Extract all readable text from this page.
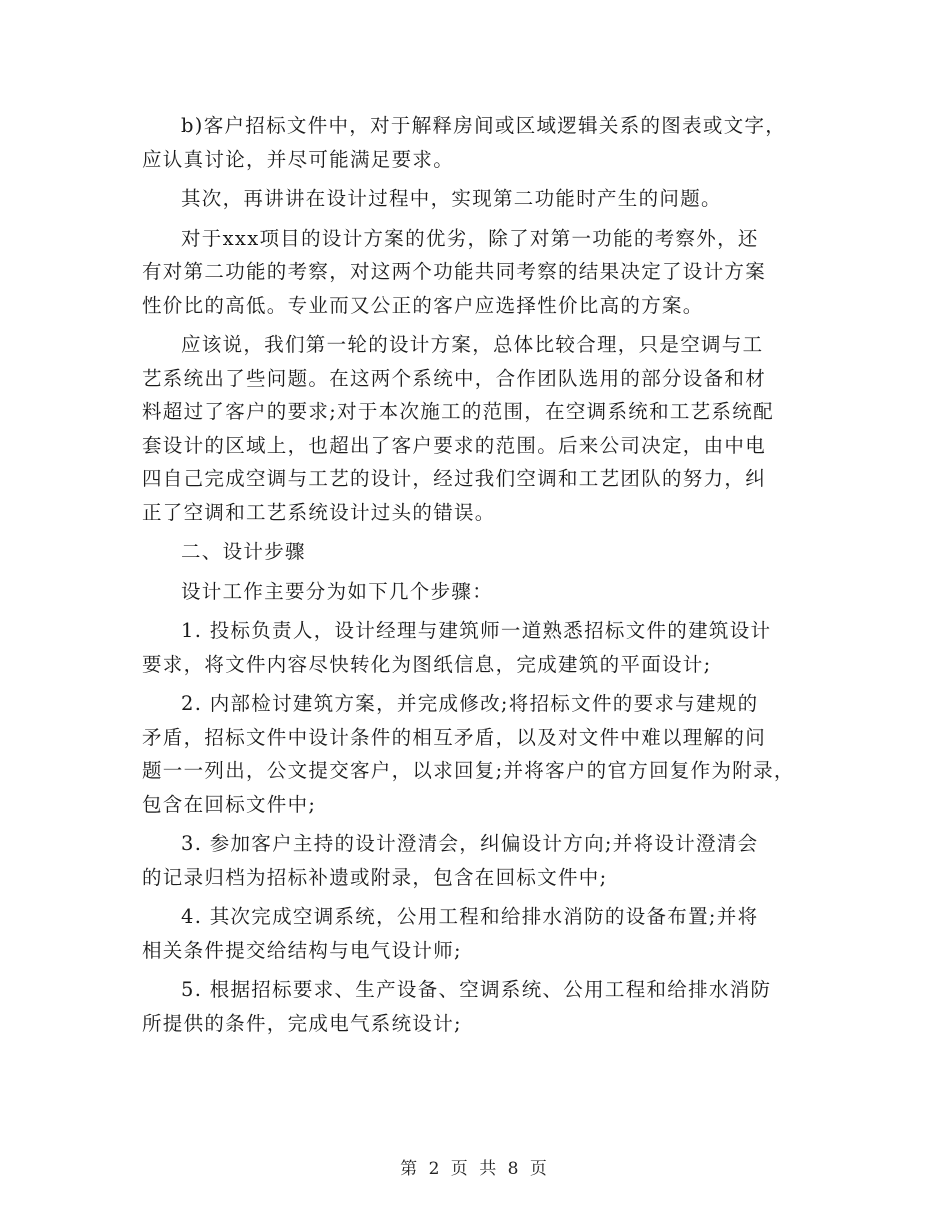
b)客户招标文件中，对于解释房间或区域逻辑关系的图表或文字，
应认真讨论，并尽可能满足要求。
其次，再讲讲在设计过程中，实现第二功能时产生的问题。
对于xxx项目的设计方案的优劣，除了对第一功能的考察外，还
有对第二功能的考察，对这两个功能共同考察的结果决定了设计方案
性价比的高低。专业而又公正的客户应选择性价比高的方案。
应该说，我们第一轮的设计方案，总体比较合理，只是空调与工
艺系统出了些问题。在这两个系统中，合作团队选用的部分设备和材
料超过了客户的要求;对于本次施工的范围，在空调系统和工艺系统配
套设计的区域上，也超出了客户要求的范围。后来公司决定，由中电
四自己完成空调与工艺的设计，经过我们空调和工艺团队的努力，纠
正了空调和工艺系统设计过头的错误。
二、设计步骤
设计工作主要分为如下几个步骤：
1. 投标负责人，设计经理与建筑师一道熟悉招标文件的建筑设计
要求，将文件内容尽快转化为图纸信息，完成建筑的平面设计;
2. 内部检讨建筑方案，并完成修改;将招标文件的要求与建规的
矛盾，招标文件中设计条件的相互矛盾，以及对文件中难以理解的问
题一一列出，公文提交客户，以求回复;并将客户的官方回复作为附录，
包含在回标文件中;
3. 参加客户主持的设计澄清会，纠偏设计方向;并将设计澄清会
的记录归档为招标补遗或附录，包含在回标文件中;
4. 其次完成空调系统，公用工程和给排水消防的设备布置;并将
相关条件提交给结构与电气设计师;
5. 根据招标要求、生产设备、空调系统、公用工程和给排水消防
所提供的条件，完成电气系统设计;
第 2 页 共 8 页
